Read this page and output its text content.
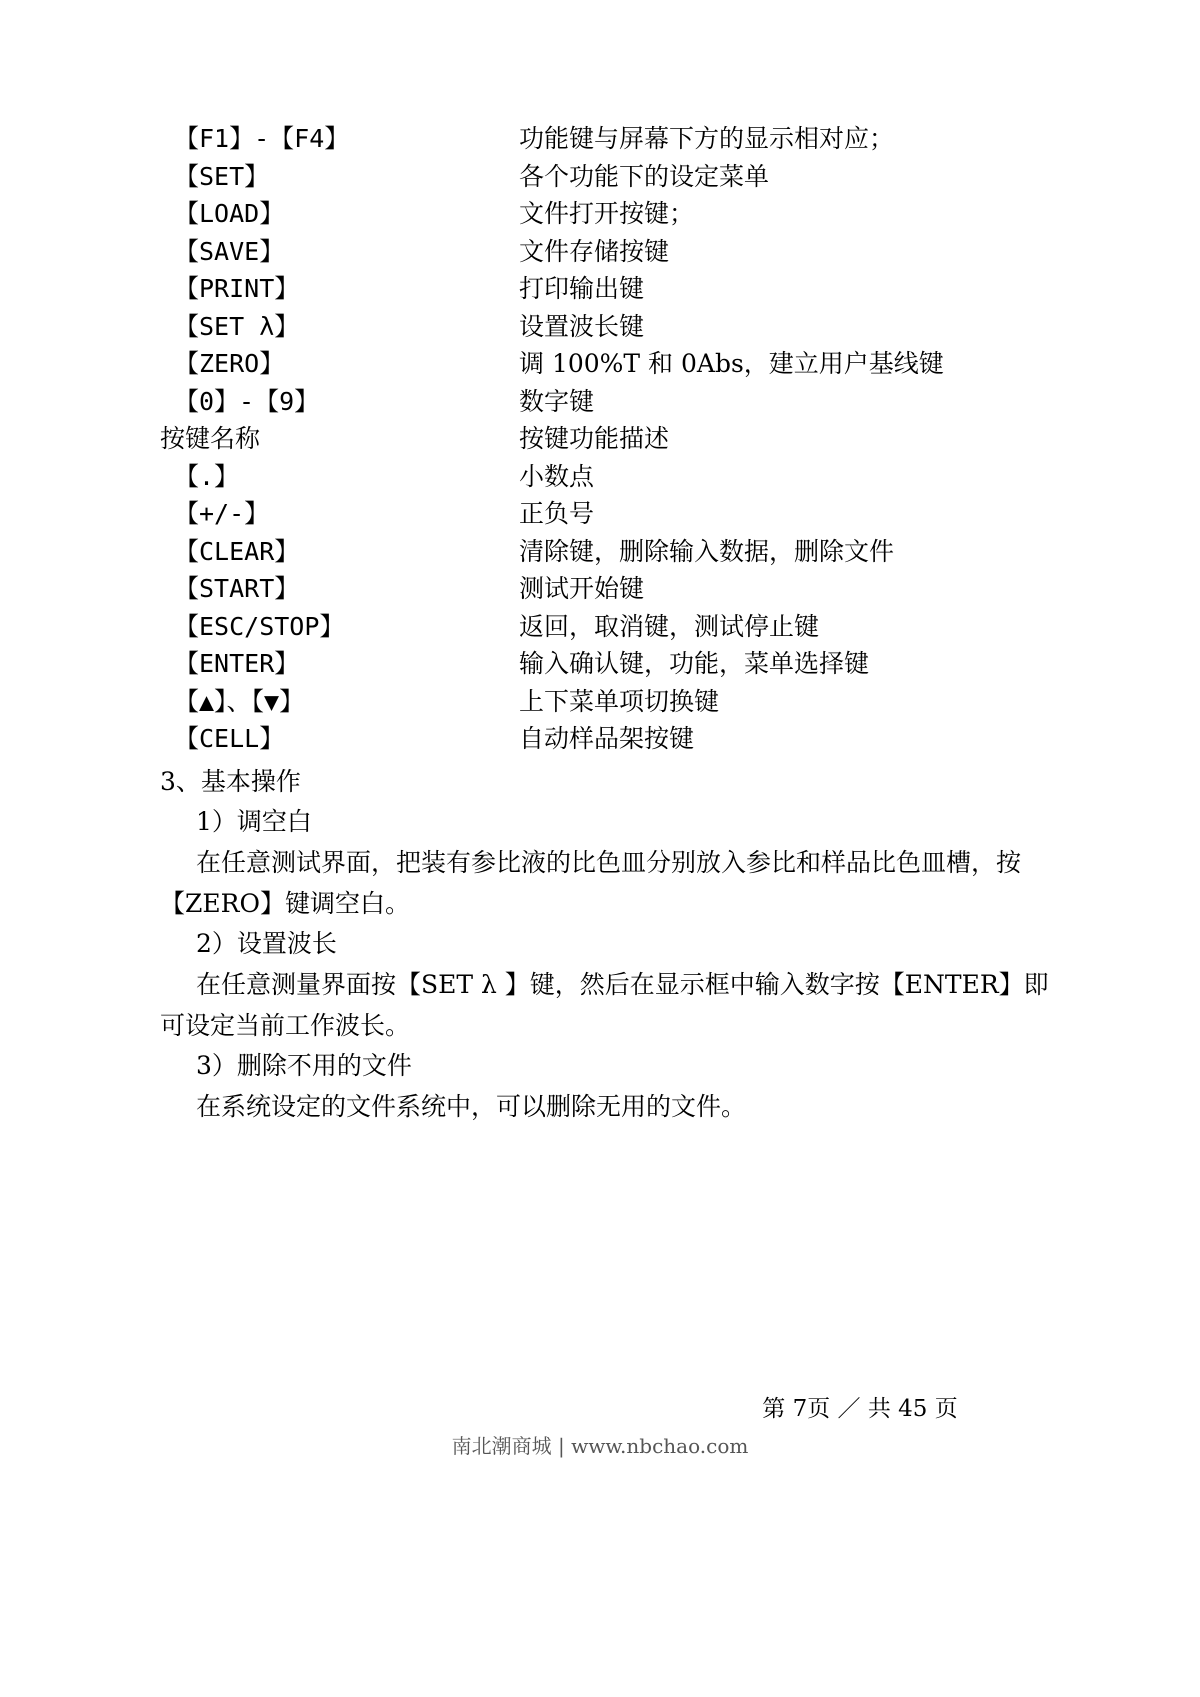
【F1】-【F4】	功能键与屏幕下方的显示相对应；
【SET】	各个功能下的设定菜单
【LOAD】	文件打开按键；
【SAVE】	文件存储按键
【PRINT】	打印输出键
【SET λ】	设置波长键
【ZERO】	调 100%T 和 0Abs，建立用户基线键
【0】-【9】	数字键
按键名称	按键功能描述
【.】	小数点
【+/-】	正负号
【CLEAR】	清除键，删除输入数据，删除文件
【START】	测试开始键
【ESC/STOP】	返回，取消键，测试停止键
【ENTER】	输入确认键，功能，菜单选择键
【▲】、【▼】	上下菜单项切换键
【CELL】	自动样品架按键

3、基本操作

1）调空白

在任意测试界面，把装有参比液的比色皿分别放入参比和样品比色皿槽，按【ZERO】键调空白。

2）设置波长

在任意测量界面按【SET λ 】键，然后在显示框中输入数字按【ENTER】即可设定当前工作波长。

3）删除不用的文件

在系统设定的文件系统中，可以删除无用的文件。

第 7页 ／ 共 45 页
南北潮商城 | www.nbchao.com
